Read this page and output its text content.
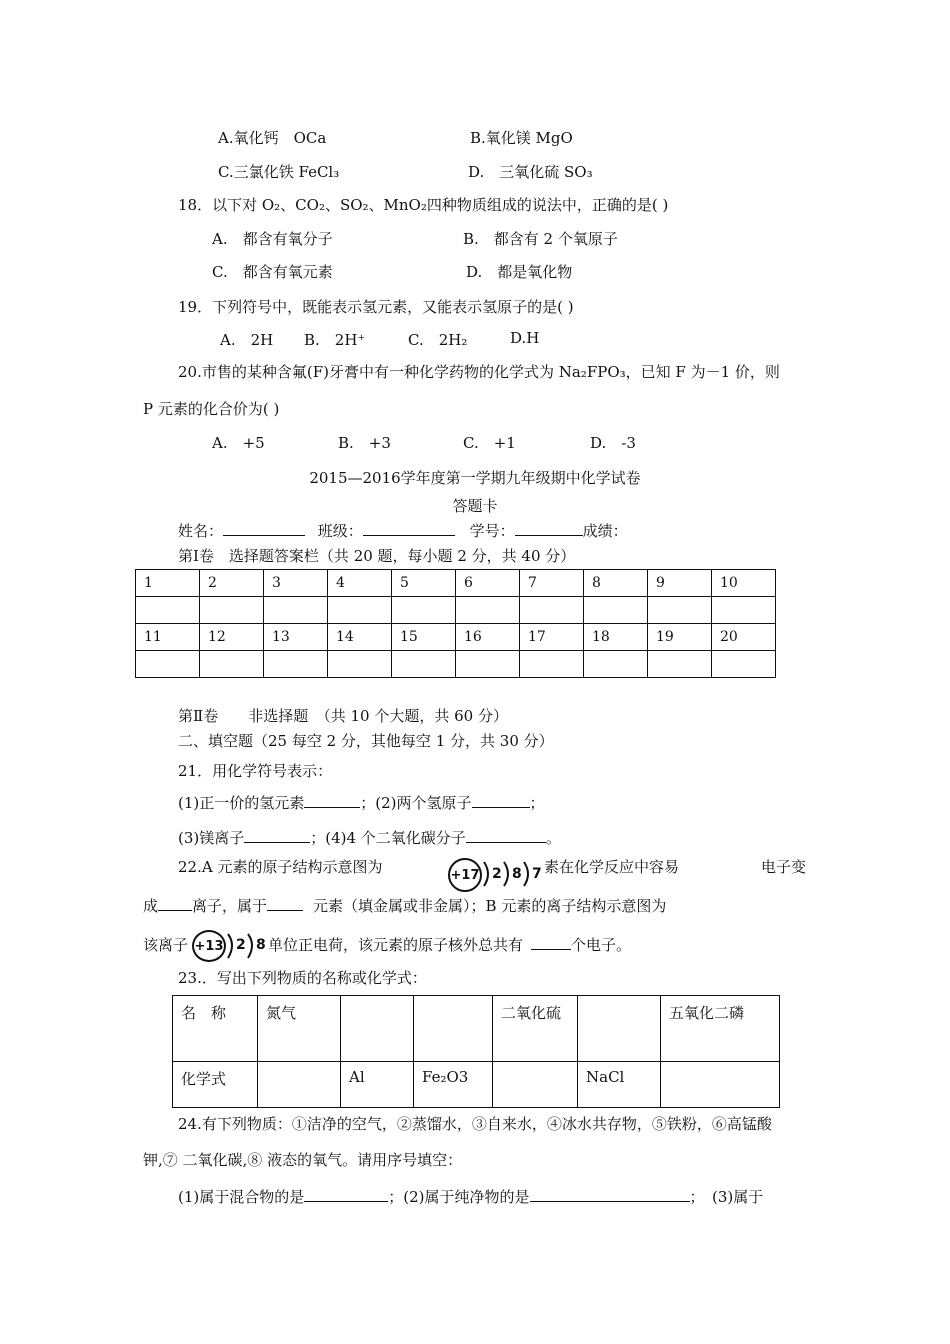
A.氧化钙　OCa	B.氧化镁 MgO
C.三氯化铁 FeCl₃	D.　三氧化硫 SO₃
18．以下对 O₂、CO₂、SO₂、MnO₂四种物质组成的说法中，正确的是( )
A.　都含有氧分子	B.　都含有 2 个氧原子
C.　都含有氧元素	D.　都是氧化物
19．下列符号中，既能表示氢元素，又能表示氢原子的是( )
A.　2H B.　2H⁺	C.　2H₂	D.H
20.市售的某种含氟(F)牙膏中有一种化学药物的化学式为 Na₂FPO₃，已知 F 为－1 价，则
P 元素的化合价为( )
A.　+5	B.　+3	C.　+1	D.　-3
2015—2016学年度第一学期九年级期中化学试卷
答题卡
姓名：	班级：	学号：	成绩：
第Ⅰ卷　选择题答案栏（共 20 题，每小题 2 分，共 40 分）
1	2	3	4	5	6	7	8	9	10

11	12	13	14	15	16	17	18	19	20

第Ⅱ卷　　非选择题　（共 10 个大题，共 60 分）
二、填空题（25 每空 2 分，其他每空 1 分，共 30 分）
21．用化学符号表示：
(1)正一价的氢元素	；(2)两个氢原子	；
(3)镁离子	；(4)4 个二氧化碳分子	。
22.A 元素的原子结构示意图为	+17 2 8 7 素在化学反应中容易	电子变
成 离子，属于	元素（填金属或非金属）；B 元素的离子结构示意图为
该离子 +13 2 8 单位正电荷，该元素的原子核外总共有	个电子。
23.．写出下列物质的名称或化学式：
名　称	氮气			二氧化硫		五氧化二磷
化学式		Al	Fe₂O3		NaCl	
24.有下列物质：①洁净的空气，②蒸馏水，③自来水，④冰水共存物，⑤铁粉，⑥高锰酸
钾,⑦ 二氧化碳,⑧ 液态的氧气。请用序号填空：
(1)属于混合物的是	；(2)属于纯净物的是	；　(3)属于
